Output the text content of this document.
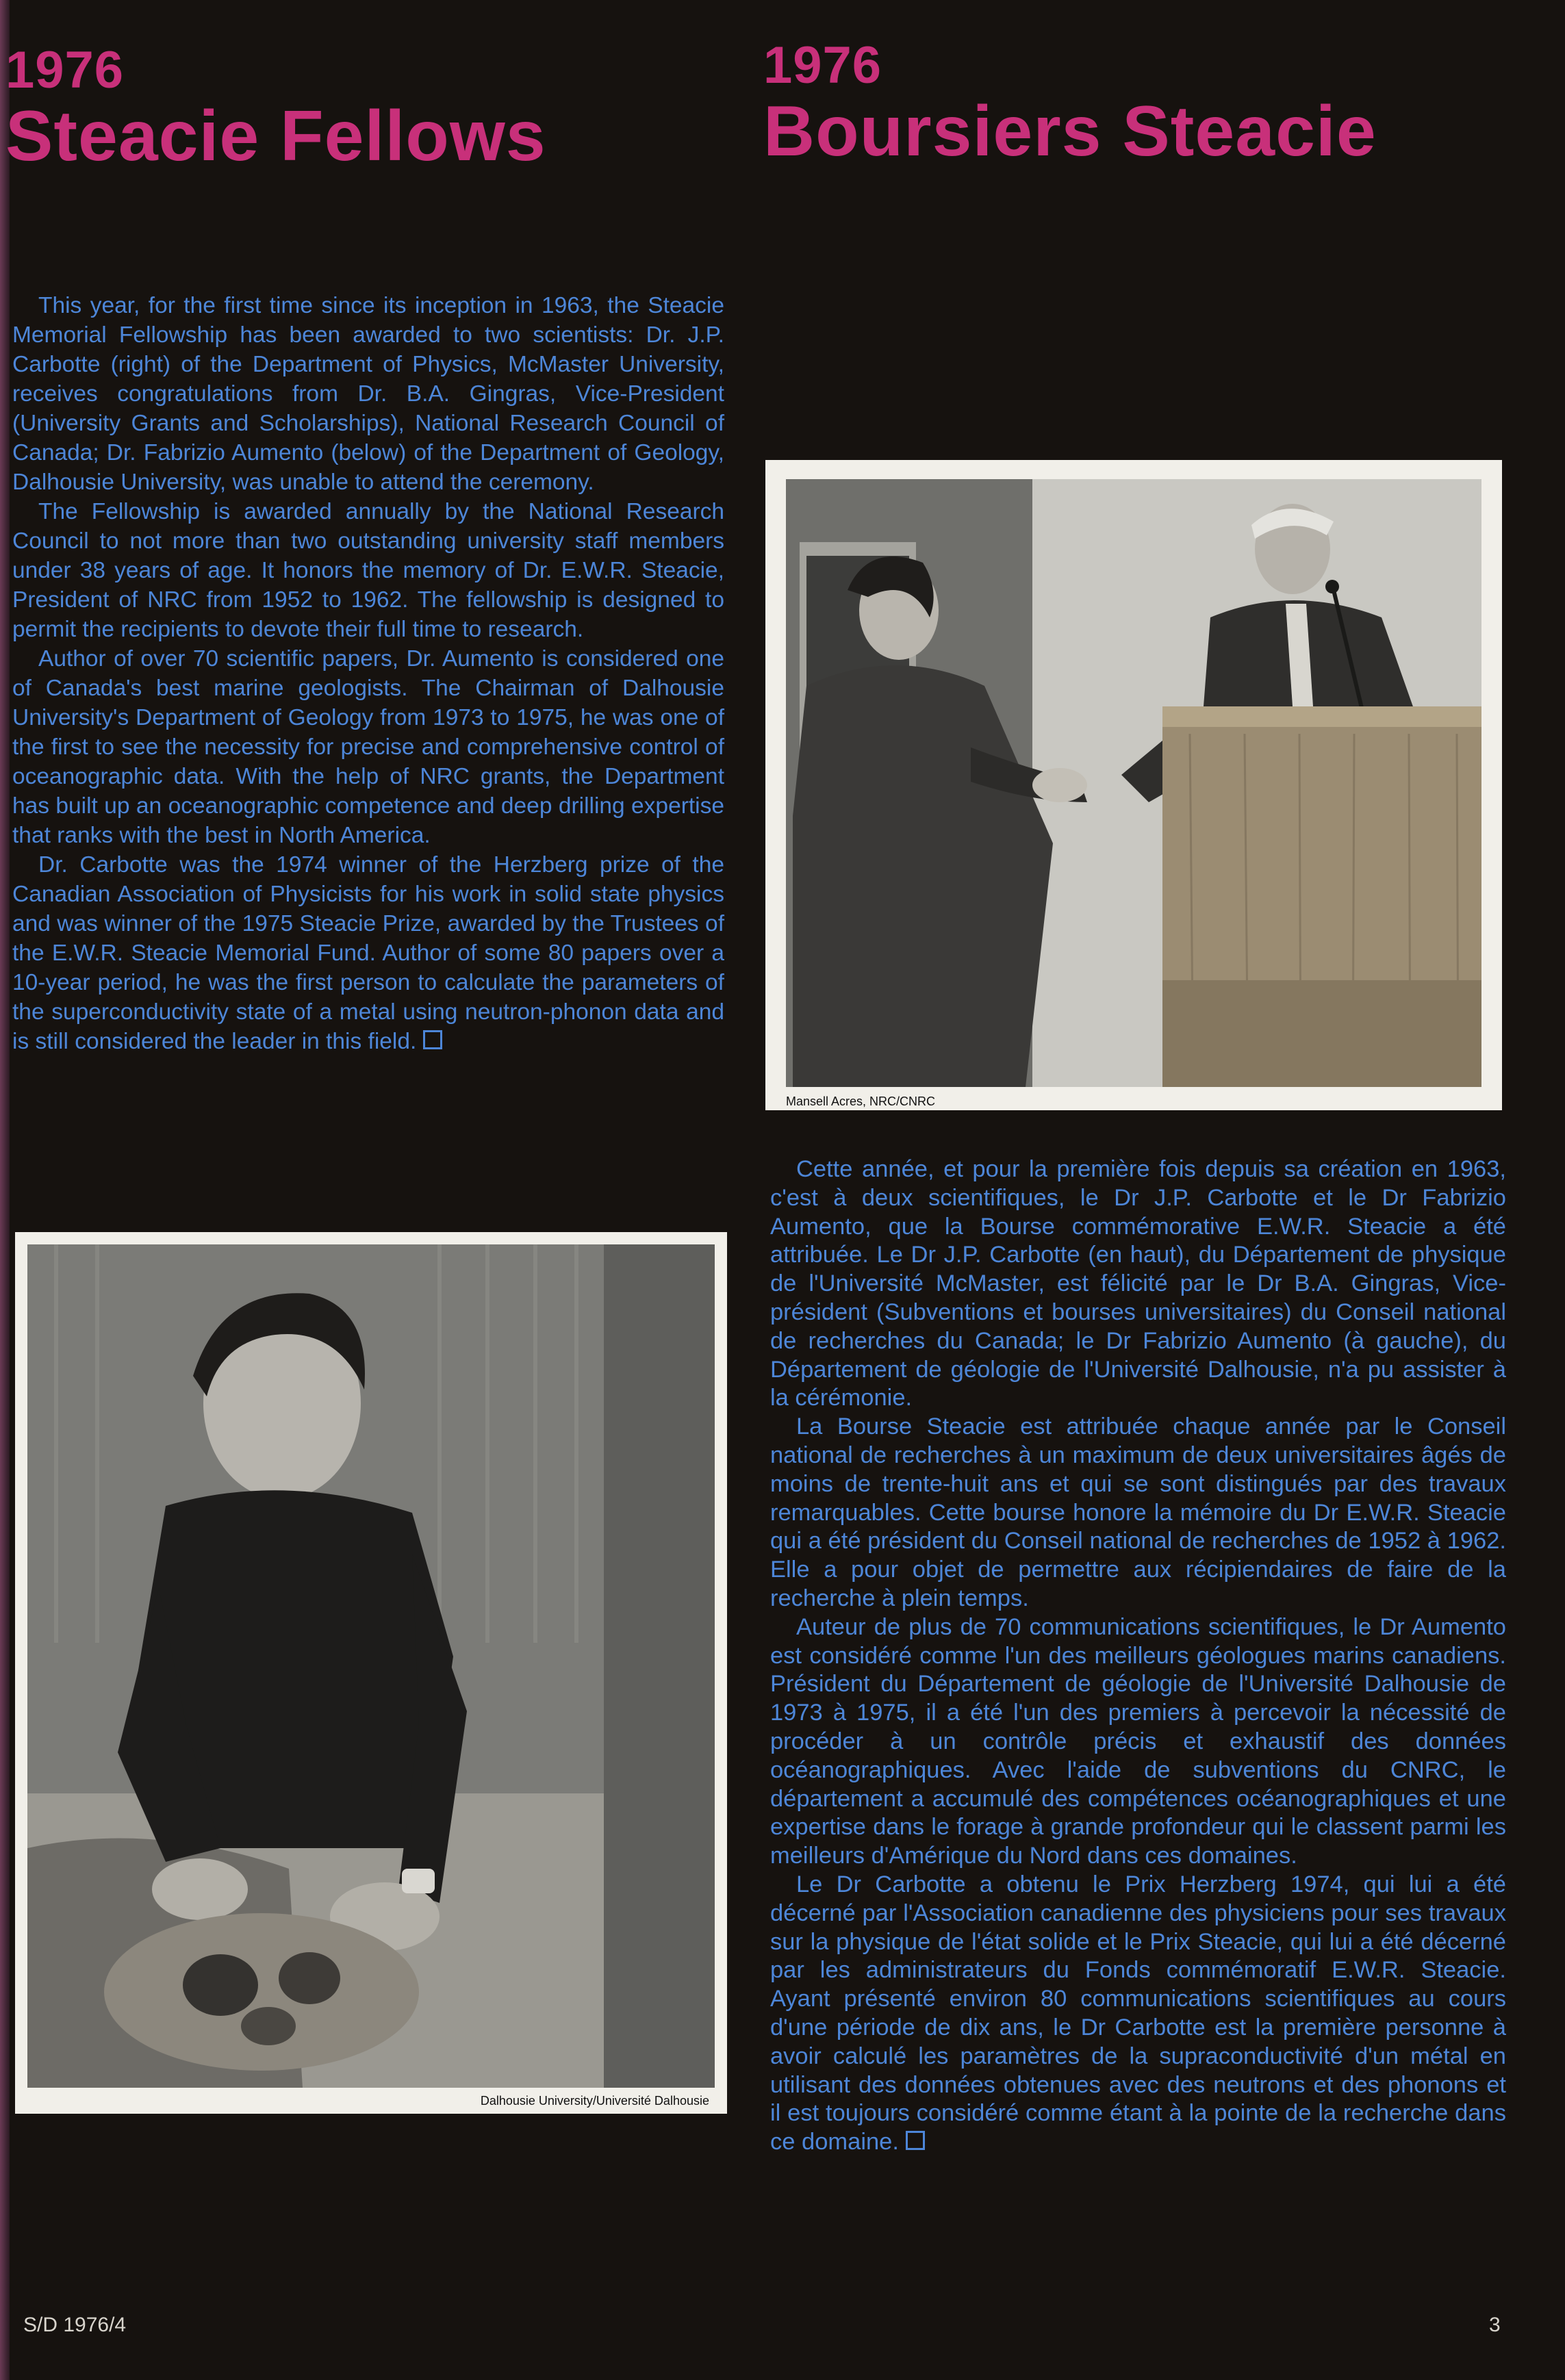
1976
Steacie Fellows
1976
Boursiers Steacie

This year, for the first time since its inception in 1963, the Steacie Memorial Fellowship has been awarded to two scientists: Dr. J.P. Carbotte (right) of the Department of Physics, McMaster University, receives congratulations from Dr. B.A. Gingras, Vice-President (University Grants and Scholarships), National Research Council of Canada; Dr. Fabrizio Aumento (below) of the Department of Geology, Dalhousie University, was unable to attend the ceremony.

The Fellowship is awarded annually by the National Research Council to not more than two outstanding university staff members under 38 years of age. It honors the memory of Dr. E.W.R. Steacie, President of NRC from 1952 to 1962. The fellowship is designed to permit the recipients to devote their full time to research.

Author of over 70 scientific papers, Dr. Aumento is considered one of Canada's best marine geologists. The Chairman of Dalhousie University's Department of Geology from 1973 to 1975, he was one of the first to see the necessity for precise and comprehensive control of oceanographic data. With the help of NRC grants, the Department has built up an oceanographic competence and deep drilling expertise that ranks with the best in North America.

Dr. Carbotte was the 1974 winner of the Herzberg prize of the Canadian Association of Physicists for his work in solid state physics and was winner of the 1975 Steacie Prize, awarded by the Trustees of the E.W.R. Steacie Memorial Fund. Author of some 80 papers over a 10-year period, he was the first person to calculate the parameters of the superconductivity state of a metal using neutron-phonon data and is still considered the leader in this field.

Mansell Acres, NRC/CNRC
Dalhousie University/Université Dalhousie

Cette année, et pour la première fois depuis sa création en 1963, c'est à deux scientifiques, le Dr J.P. Carbotte et le Dr Fabrizio Aumento, que la Bourse commémorative E.W.R. Steacie a été attribuée. Le Dr J.P. Carbotte (en haut), du Département de physique de l'Université McMaster, est félicité par le Dr B.A. Gingras, Vice-président (Subventions et bourses universitaires) du Conseil national de recherches du Canada; le Dr Fabrizio Aumento (à gauche), du Département de géologie de l'Université Dalhousie, n'a pu assister à la cérémonie.

La Bourse Steacie est attribuée chaque année par le Conseil national de recherches à un maximum de deux universitaires âgés de moins de trente-huit ans et qui se sont distingués par des travaux remarquables. Cette bourse honore la mémoire du Dr E.W.R. Steacie qui a été président du Conseil national de recherches de 1952 à 1962. Elle a pour objet de permettre aux récipiendaires de faire de la recherche à plein temps.

Auteur de plus de 70 communications scientifiques, le Dr Aumento est considéré comme l'un des meilleurs géologues marins canadiens. Président du Département de géologie de l'Université Dalhousie de 1973 à 1975, il a été l'un des premiers à percevoir la nécessité de procéder à un contrôle précis et exhaustif des données océanographiques. Avec l'aide de subventions du CNRC, le département a accumulé des compétences océanographiques et une expertise dans le forage à grande profondeur qui le classent parmi les meilleurs d'Amérique du Nord dans ces domaines.

Le Dr Carbotte a obtenu le Prix Herzberg 1974, qui lui a été décerné par l'Association canadienne des physiciens pour ses travaux sur la physique de l'état solide et le Prix Steacie, qui lui a été décerné par les administrateurs du Fonds commémoratif E.W.R. Steacie. Ayant présenté environ 80 communications scientifiques au cours d'une période de dix ans, le Dr Carbotte est la première personne à avoir calculé les paramètres de la supraconductivité d'un métal en utilisant des données obtenues avec des neutrons et des phonons et il est toujours considéré comme étant à la pointe de la recherche dans ce domaine.

S/D 1976/4	3
